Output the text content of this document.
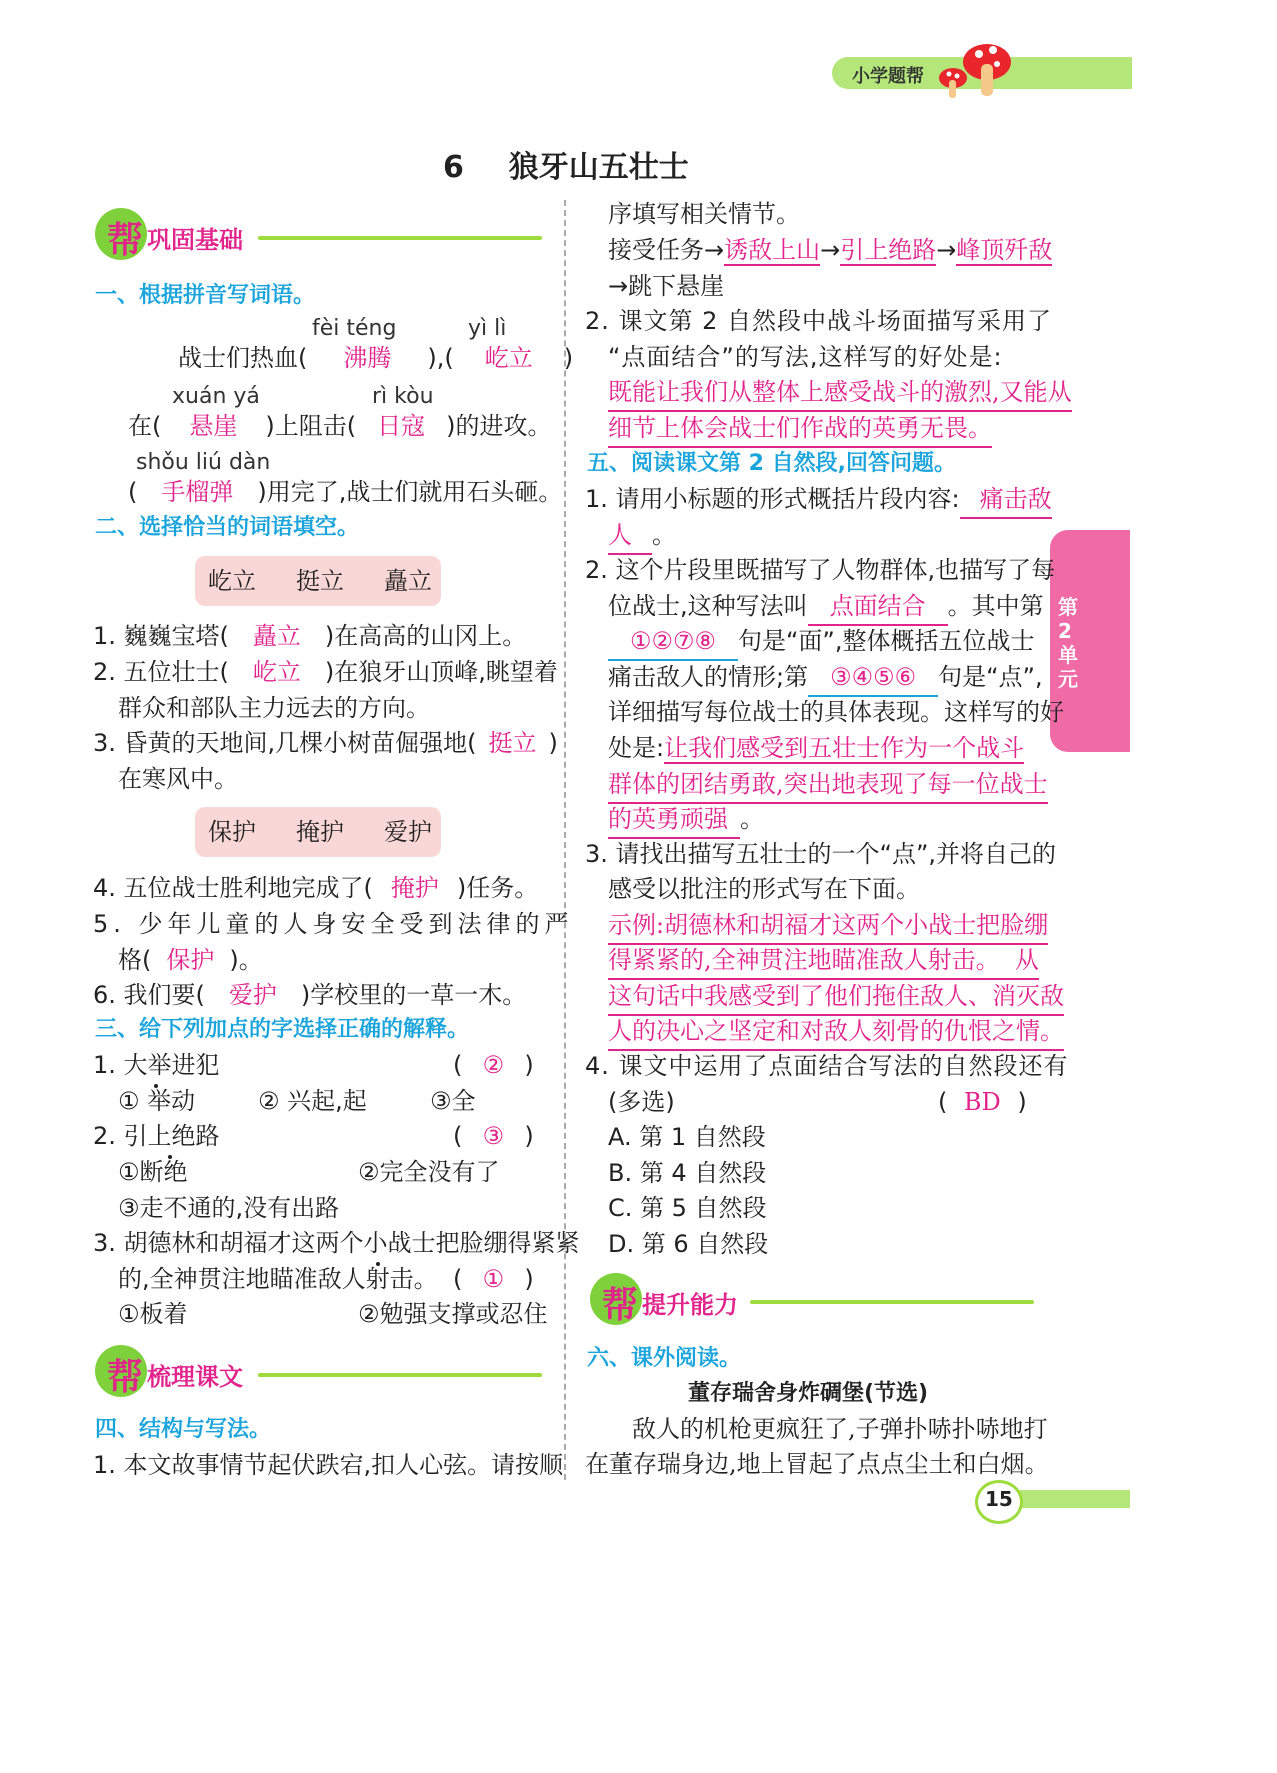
小学题帮
6 狼牙山五壮士
第2单元
帮 巩固基础
一、根据拼音写词语。
fèi téng	yì lì
战士们热血( 沸腾 ),( 屹立 )
xuán yá	rì kòu
在( 悬崖 )上阻击( 日寇 )的进攻。
shǒu liú dàn
( 手榴弹 )用完了,战士们就用石头砸。
二、选择恰当的词语填空。
屹立 挺立 矗立
1. 巍巍宝塔( 矗立 )在高高的山冈上。
2. 五位壮士( 屹立 )在狼牙山顶峰,眺望着
群众和部队主力远去的方向。
3. 昏黄的天地间,几棵小树苗倔强地( 挺立 )
在寒风中。
保护 掩护 爱护
4. 五位战士胜利地完成了( 掩护 )任务。
5. 少年儿童的人身安全受到法律的严
格( 保护 )。
6. 我们要( 爱护 )学校里的一草一木。
三、给下列加点的字选择正确的解释。
1. 大举进犯	( ② )
① 举动	② 兴起,起	③全
2. 引上绝路	( ③ )
①断绝	②完全没有了
③走不通的,没有出路
3. 胡德林和胡福才这两个小战士把脸绷得紧紧
的,全神贯注地瞄准敌人射击。 ( ① )
①板着	②勉强支撑或忍住
帮 梳理课文
四、结构与写法。
1. 本文故事情节起伏跌宕,扣人心弦。请按顺
序填写相关情节。
接受任务→诱敌上山→引上绝路→峰顶歼敌
→跳下悬崖
2. 课文第 2 自然段中战斗场面描写采用了
“点面结合”的写法,这样写的好处是:
既能让我们从整体上感受战斗的激烈,又能从
细节上体会战士们作战的英勇无畏。
五、阅读课文第 2 自然段,回答问题。
1. 请用小标题的形式概括片段内容: 痛击敌
人 。
2. 这个片段里既描写了人物群体,也描写了每
位战士,这种写法叫 点面结合 。其中第
①②⑦⑧ 句是“面”,整体概括五位战士
痛击敌人的情形;第 ③④⑤⑥ 句是“点”,
详细描写每位战士的具体表现。这样写的好
处是:让我们感受到五壮士作为一个战斗
群体的团结勇敢,突出地表现了每一位战士
的英勇顽强 。
3. 请找出描写五壮士的一个“点”,并将自己的
感受以批注的形式写在下面。
示例:胡德林和胡福才这两个小战士把脸绷
得紧紧的,全神贯注地瞄准敌人射击。  从
这句话中我感受到了他们拖住敌人、消灭敌
人的决心之坚定和对敌人刻骨的仇恨之情。
4. 课文中运用了点面结合写法的自然段还有
(多选)	( BD )
A. 第 1 自然段
B. 第 4 自然段
C. 第 5 自然段
D. 第 6 自然段
帮 提升能力
六、课外阅读。
董存瑞舍身炸碉堡(节选)
敌人的机枪更疯狂了,子弹扑哧扑哧地打
在董存瑞身边,地上冒起了点点尘土和白烟。
15
